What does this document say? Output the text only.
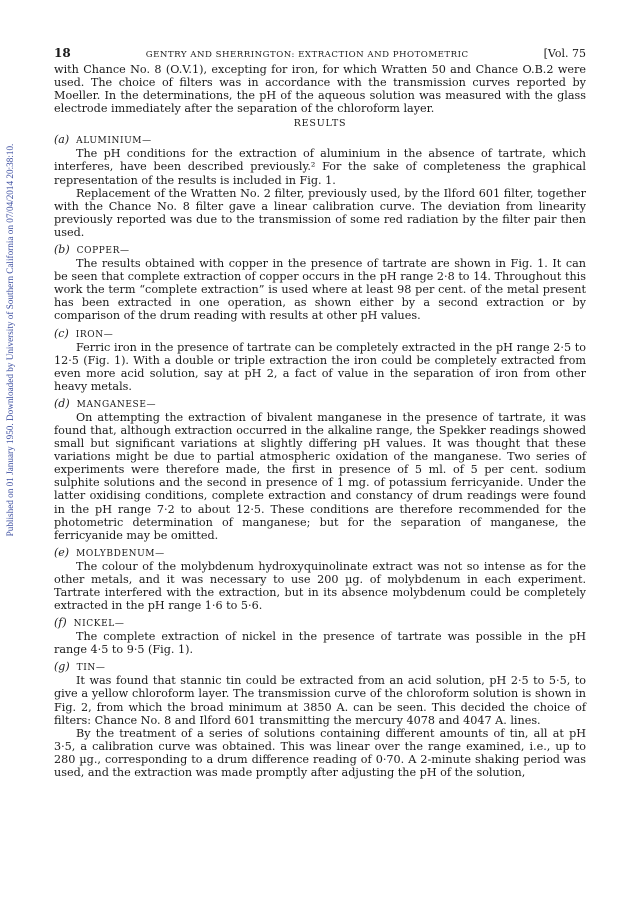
Published on 01 January 1950. Downloaded by University of Southern California on 07/04/2014 20:38:10.
18	GENTRY AND SHERRINGTON: EXTRACTION AND PHOTOMETRIC	[Vol. 75

with Chance No. 8 (O.V.1), excepting for iron, for which Wratten 50 and Chance O.B.2 were used. The choice of filters was in accordance with the transmission curves reported by Moeller. In the determinations, the pH of the aqueous solution was measured with the glass electrode immediately after the separation of the chloroform layer.

RESULTS
(a) ALUMINIUM—

The pH conditions for the extraction of aluminium in the absence of tartrate, which interferes, have been described previously.² For the sake of completeness the graphical representation of the results is included in Fig. 1.

Replacement of the Wratten No. 2 filter, previously used, by the Ilford 601 filter, together with the Chance No. 8 filter gave a linear calibration curve. The deviation from linearity previously reported was due to the transmission of some red radiation by the filter pair then used.

(b) COPPER—

The results obtained with copper in the presence of tartrate are shown in Fig. 1. It can be seen that complete extraction of copper occurs in the pH range 2·8 to 14. Throughout this work the term “complete extraction” is used where at least 98 per cent. of the metal present has been extracted in one operation, as shown either by a second extraction or by comparison of the drum reading with results at other pH values.

(c) IRON—

Ferric iron in the presence of tartrate can be completely extracted in the pH range 2·5 to 12·5 (Fig. 1). With a double or triple extraction the iron could be completely extracted from even more acid solution, say at pH 2, a fact of value in the separation of iron from other heavy metals.

(d) MANGANESE—

On attempting the extraction of bivalent manganese in the presence of tartrate, it was found that, although extraction occurred in the alkaline range, the Spekker readings showed small but significant variations at slightly differing pH values. It was thought that these variations might be due to partial atmospheric oxidation of the manganese. Two series of experiments were therefore made, the first in presence of 5 ml. of 5 per cent. sodium sulphite solutions and the second in presence of 1 mg. of potassium ferricyanide. Under the latter oxidising conditions, complete extraction and constancy of drum readings were found in the pH range 7·2 to about 12·5. These conditions are therefore recommended for the photometric determination of manganese; but for the separation of manganese, the ferricyanide may be omitted.

(e) MOLYBDENUM—

The colour of the molybdenum hydroxyquinolinate extract was not so intense as for the other metals, and it was necessary to use 200 µg. of molybdenum in each experiment. Tartrate interfered with the extraction, but in its absence molybdenum could be completely extracted in the pH range 1·6 to 5·6.

(f) NICKEL—

The complete extraction of nickel in the presence of tartrate was possible in the pH range 4·5 to 9·5 (Fig. 1).

(g) TIN—

It was found that stannic tin could be extracted from an acid solution, pH 2·5 to 5·5, to give a yellow chloroform layer. The transmission curve of the chloroform solution is shown in Fig. 2, from which the broad minimum at 3850 A. can be seen. This decided the choice of filters: Chance No. 8 and Ilford 601 transmitting the mercury 4078 and 4047 A. lines.

By the treatment of a series of solutions containing different amounts of tin, all at pH 3·5, a calibration curve was obtained. This was linear over the range examined, i.e., up to 280 µg., corresponding to a drum difference reading of 0·70. A 2-minute shaking period was used, and the extraction was made promptly after adjusting the pH of the solution,
